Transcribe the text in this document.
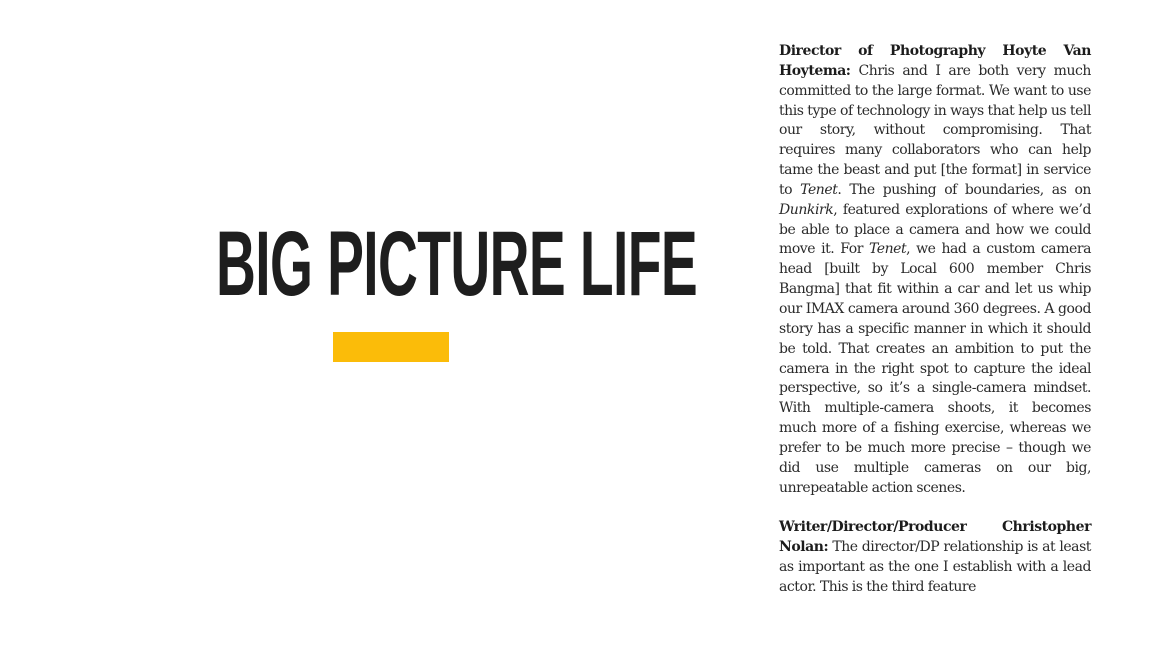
BIG PICTURE LIFE

Director of Photography Hoyte Van Hoytema: Chris and I are both very much committed to the large format. We want to use this type of technology in ways that help us tell our story, without compromising. That requires many collaborators who can help tame the beast and put [the format] in service to Tenet. The pushing of boundaries, as on Dunkirk, featured explorations of where we’d be able to place a camera and how we could move it. For Tenet, we had a custom camera head [built by Local 600 member Chris Bangma] that fit within a car and let us whip our IMAX camera around 360 degrees. A good story has a specific manner in which it should be told. That creates an ambition to put the camera in the right spot to capture the ideal perspective, so it’s a single-camera mindset. With multiple-camera shoots, it becomes much more of a fishing exercise, whereas we prefer to be much more precise – though we did use multiple cameras on our big, unrepeatable action scenes.

Writer/Director/Producer Christopher Nolan: The director/DP relationship is at least as important as the one I establish with a lead actor. This is the third feature
